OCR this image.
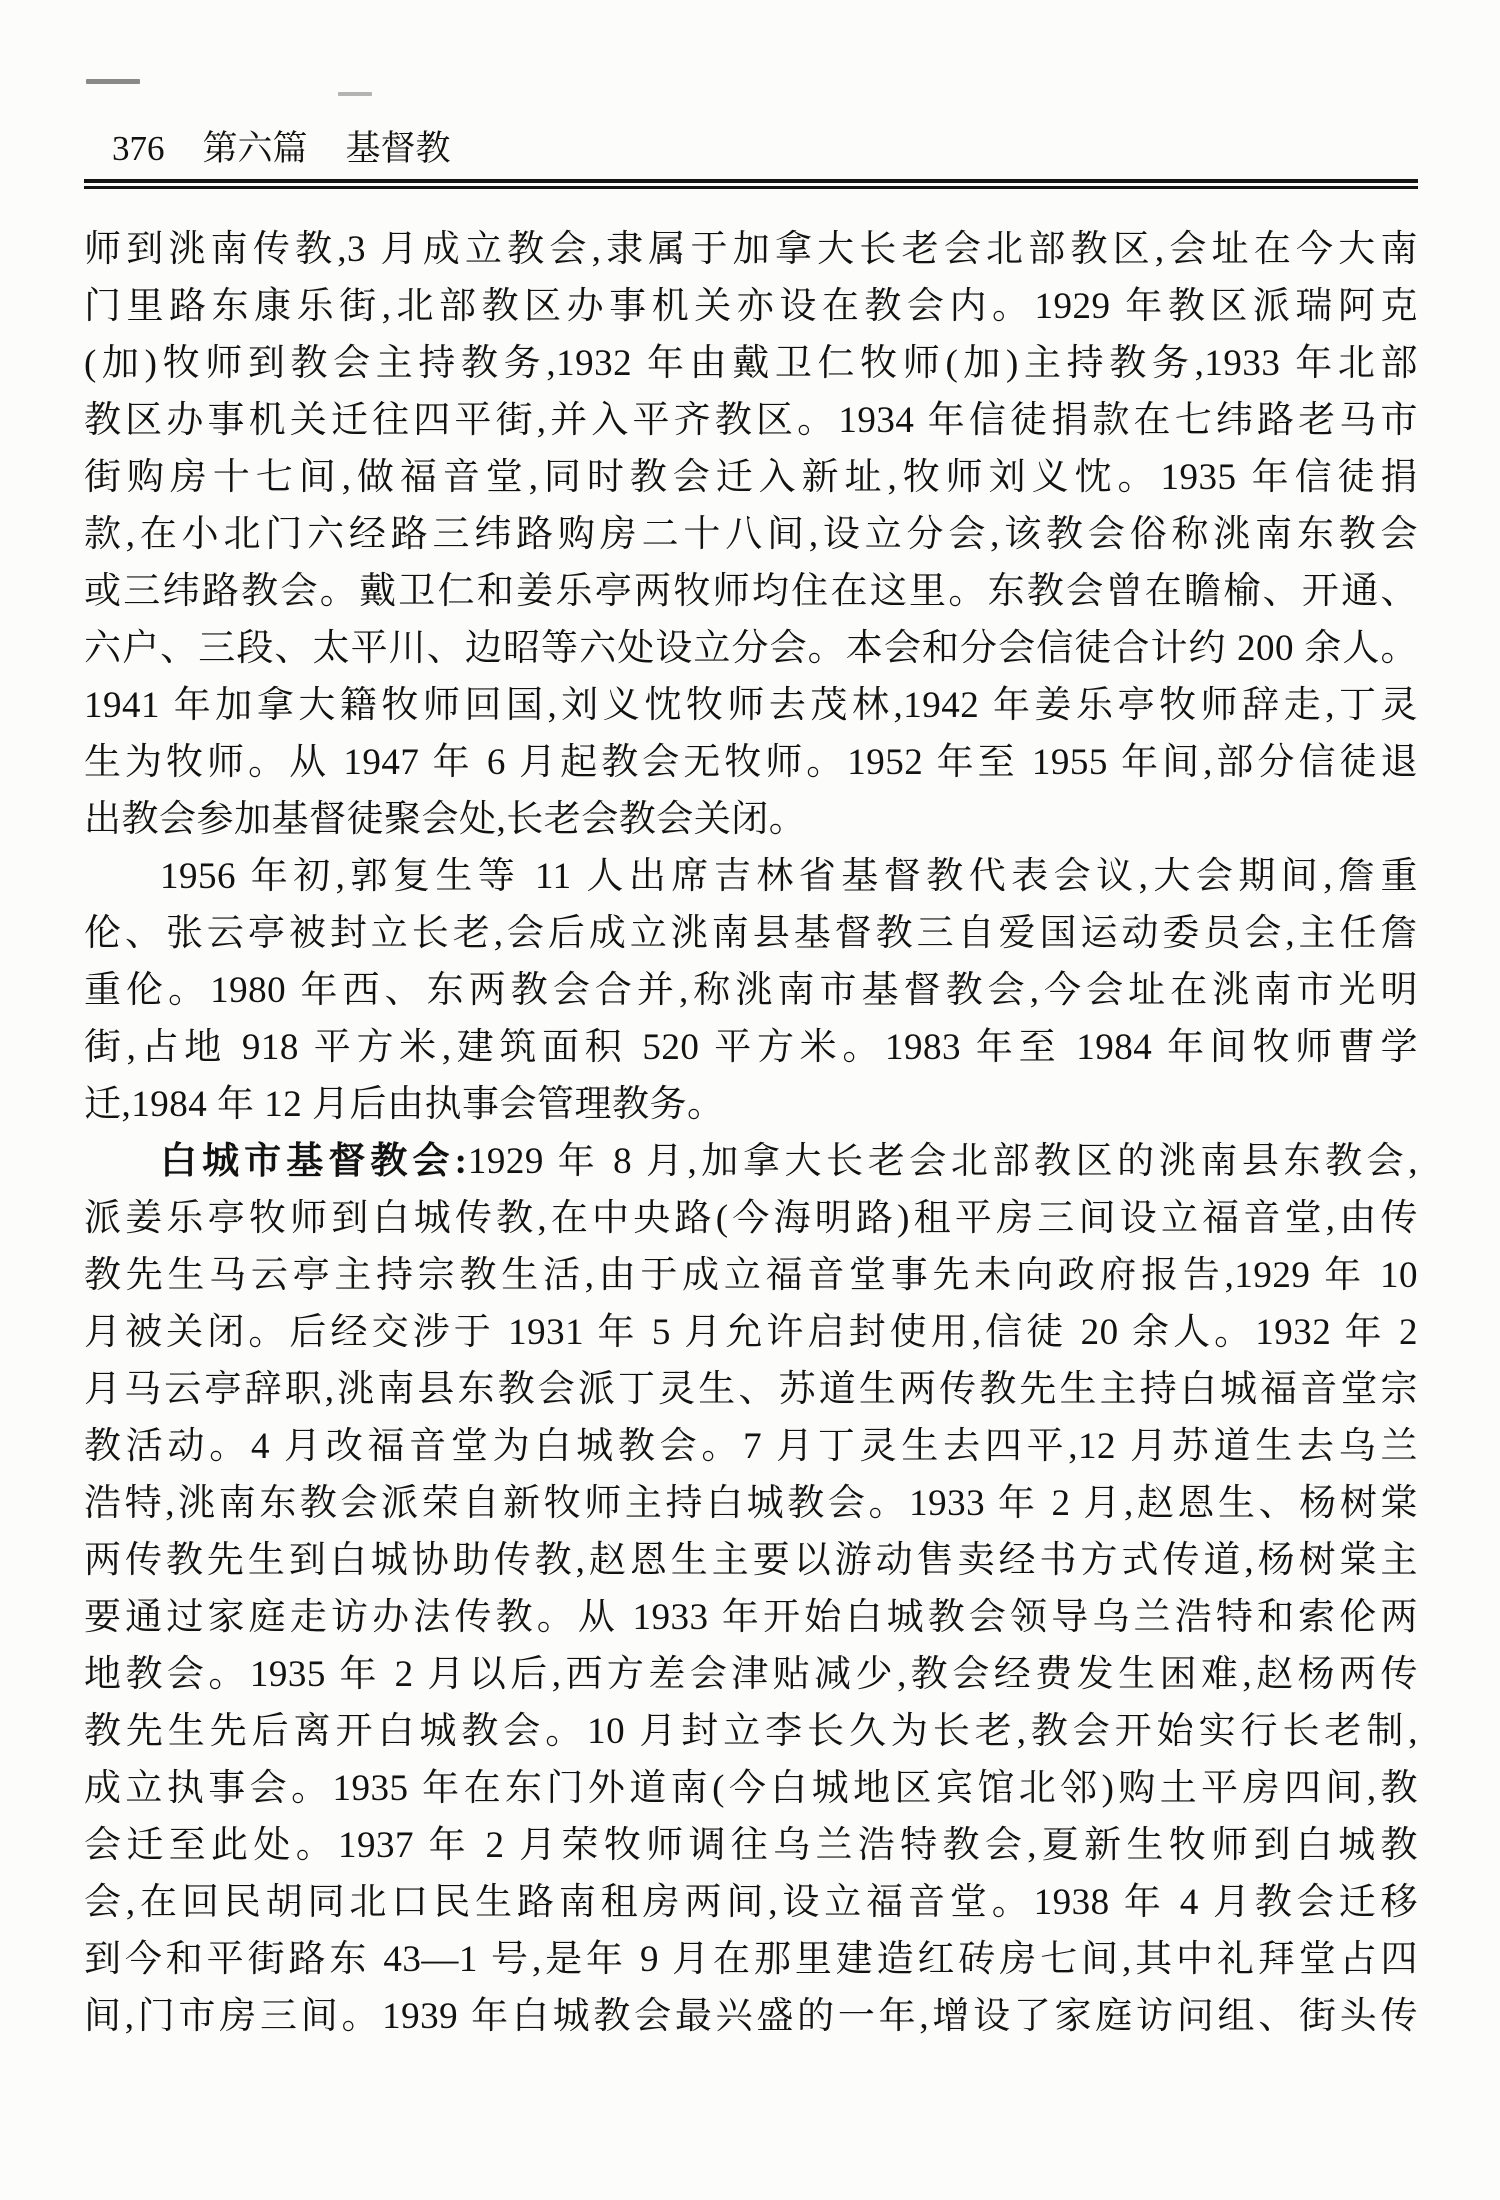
376 第六篇 基督教
师到洮南传教,3 月成立教会,隶属于加拿大长老会北部教区,会址在今大南
门里路东康乐街,北部教区办事机关亦设在教会内。1929 年教区派瑞阿克
(加)牧师到教会主持教务,1932 年由戴卫仁牧师(加)主持教务,1933 年北部
教区办事机关迁往四平街,并入平齐教区。1934 年信徒捐款在七纬路老马市
街购房十七间,做福音堂,同时教会迁入新址,牧师刘义忱。1935 年信徒捐
款,在小北门六经路三纬路购房二十八间,设立分会,该教会俗称洮南东教会
或三纬路教会。戴卫仁和姜乐亭两牧师均住在这里。东教会曾在瞻榆、开通、
六户、三段、太平川、边昭等六处设立分会。本会和分会信徒合计约 200 余人。
1941 年加拿大籍牧师回国,刘义忱牧师去茂林,1942 年姜乐亭牧师辞走,丁灵
生为牧师。从 1947 年 6 月起教会无牧师。1952 年至 1955 年间,部分信徒退
出教会参加基督徒聚会处,长老会教会关闭。
1956 年初,郭复生等 11 人出席吉林省基督教代表会议,大会期间,詹重
伦、张云亭被封立长老,会后成立洮南县基督教三自爱国运动委员会,主任詹
重伦。1980 年西、东两教会合并,称洮南市基督教会,今会址在洮南市光明
街,占地 918 平方米,建筑面积 520 平方米。1983 年至 1984 年间牧师曹学
迁,1984 年 12 月后由执事会管理教务。
白城市基督教会:1929 年 8 月,加拿大长老会北部教区的洮南县东教会,
派姜乐亭牧师到白城传教,在中央路(今海明路)租平房三间设立福音堂,由传
教先生马云亭主持宗教生活,由于成立福音堂事先未向政府报告,1929 年 10
月被关闭。后经交涉于 1931 年 5 月允许启封使用,信徒 20 余人。1932 年 2
月马云亭辞职,洮南县东教会派丁灵生、苏道生两传教先生主持白城福音堂宗
教活动。4 月改福音堂为白城教会。7 月丁灵生去四平,12 月苏道生去乌兰
浩特,洮南东教会派荣自新牧师主持白城教会。1933 年 2 月,赵恩生、杨树棠
两传教先生到白城协助传教,赵恩生主要以游动售卖经书方式传道,杨树棠主
要通过家庭走访办法传教。从 1933 年开始白城教会领导乌兰浩特和索伦两
地教会。1935 年 2 月以后,西方差会津贴减少,教会经费发生困难,赵杨两传
教先生先后离开白城教会。10 月封立李长久为长老,教会开始实行长老制,
成立执事会。1935 年在东门外道南(今白城地区宾馆北邻)购土平房四间,教
会迁至此处。1937 年 2 月荣牧师调往乌兰浩特教会,夏新生牧师到白城教
会,在回民胡同北口民生路南租房两间,设立福音堂。1938 年 4 月教会迁移
到今和平街路东 43—1 号,是年 9 月在那里建造红砖房七间,其中礼拜堂占四
间,门市房三间。1939 年白城教会最兴盛的一年,增设了家庭访问组、街头传
